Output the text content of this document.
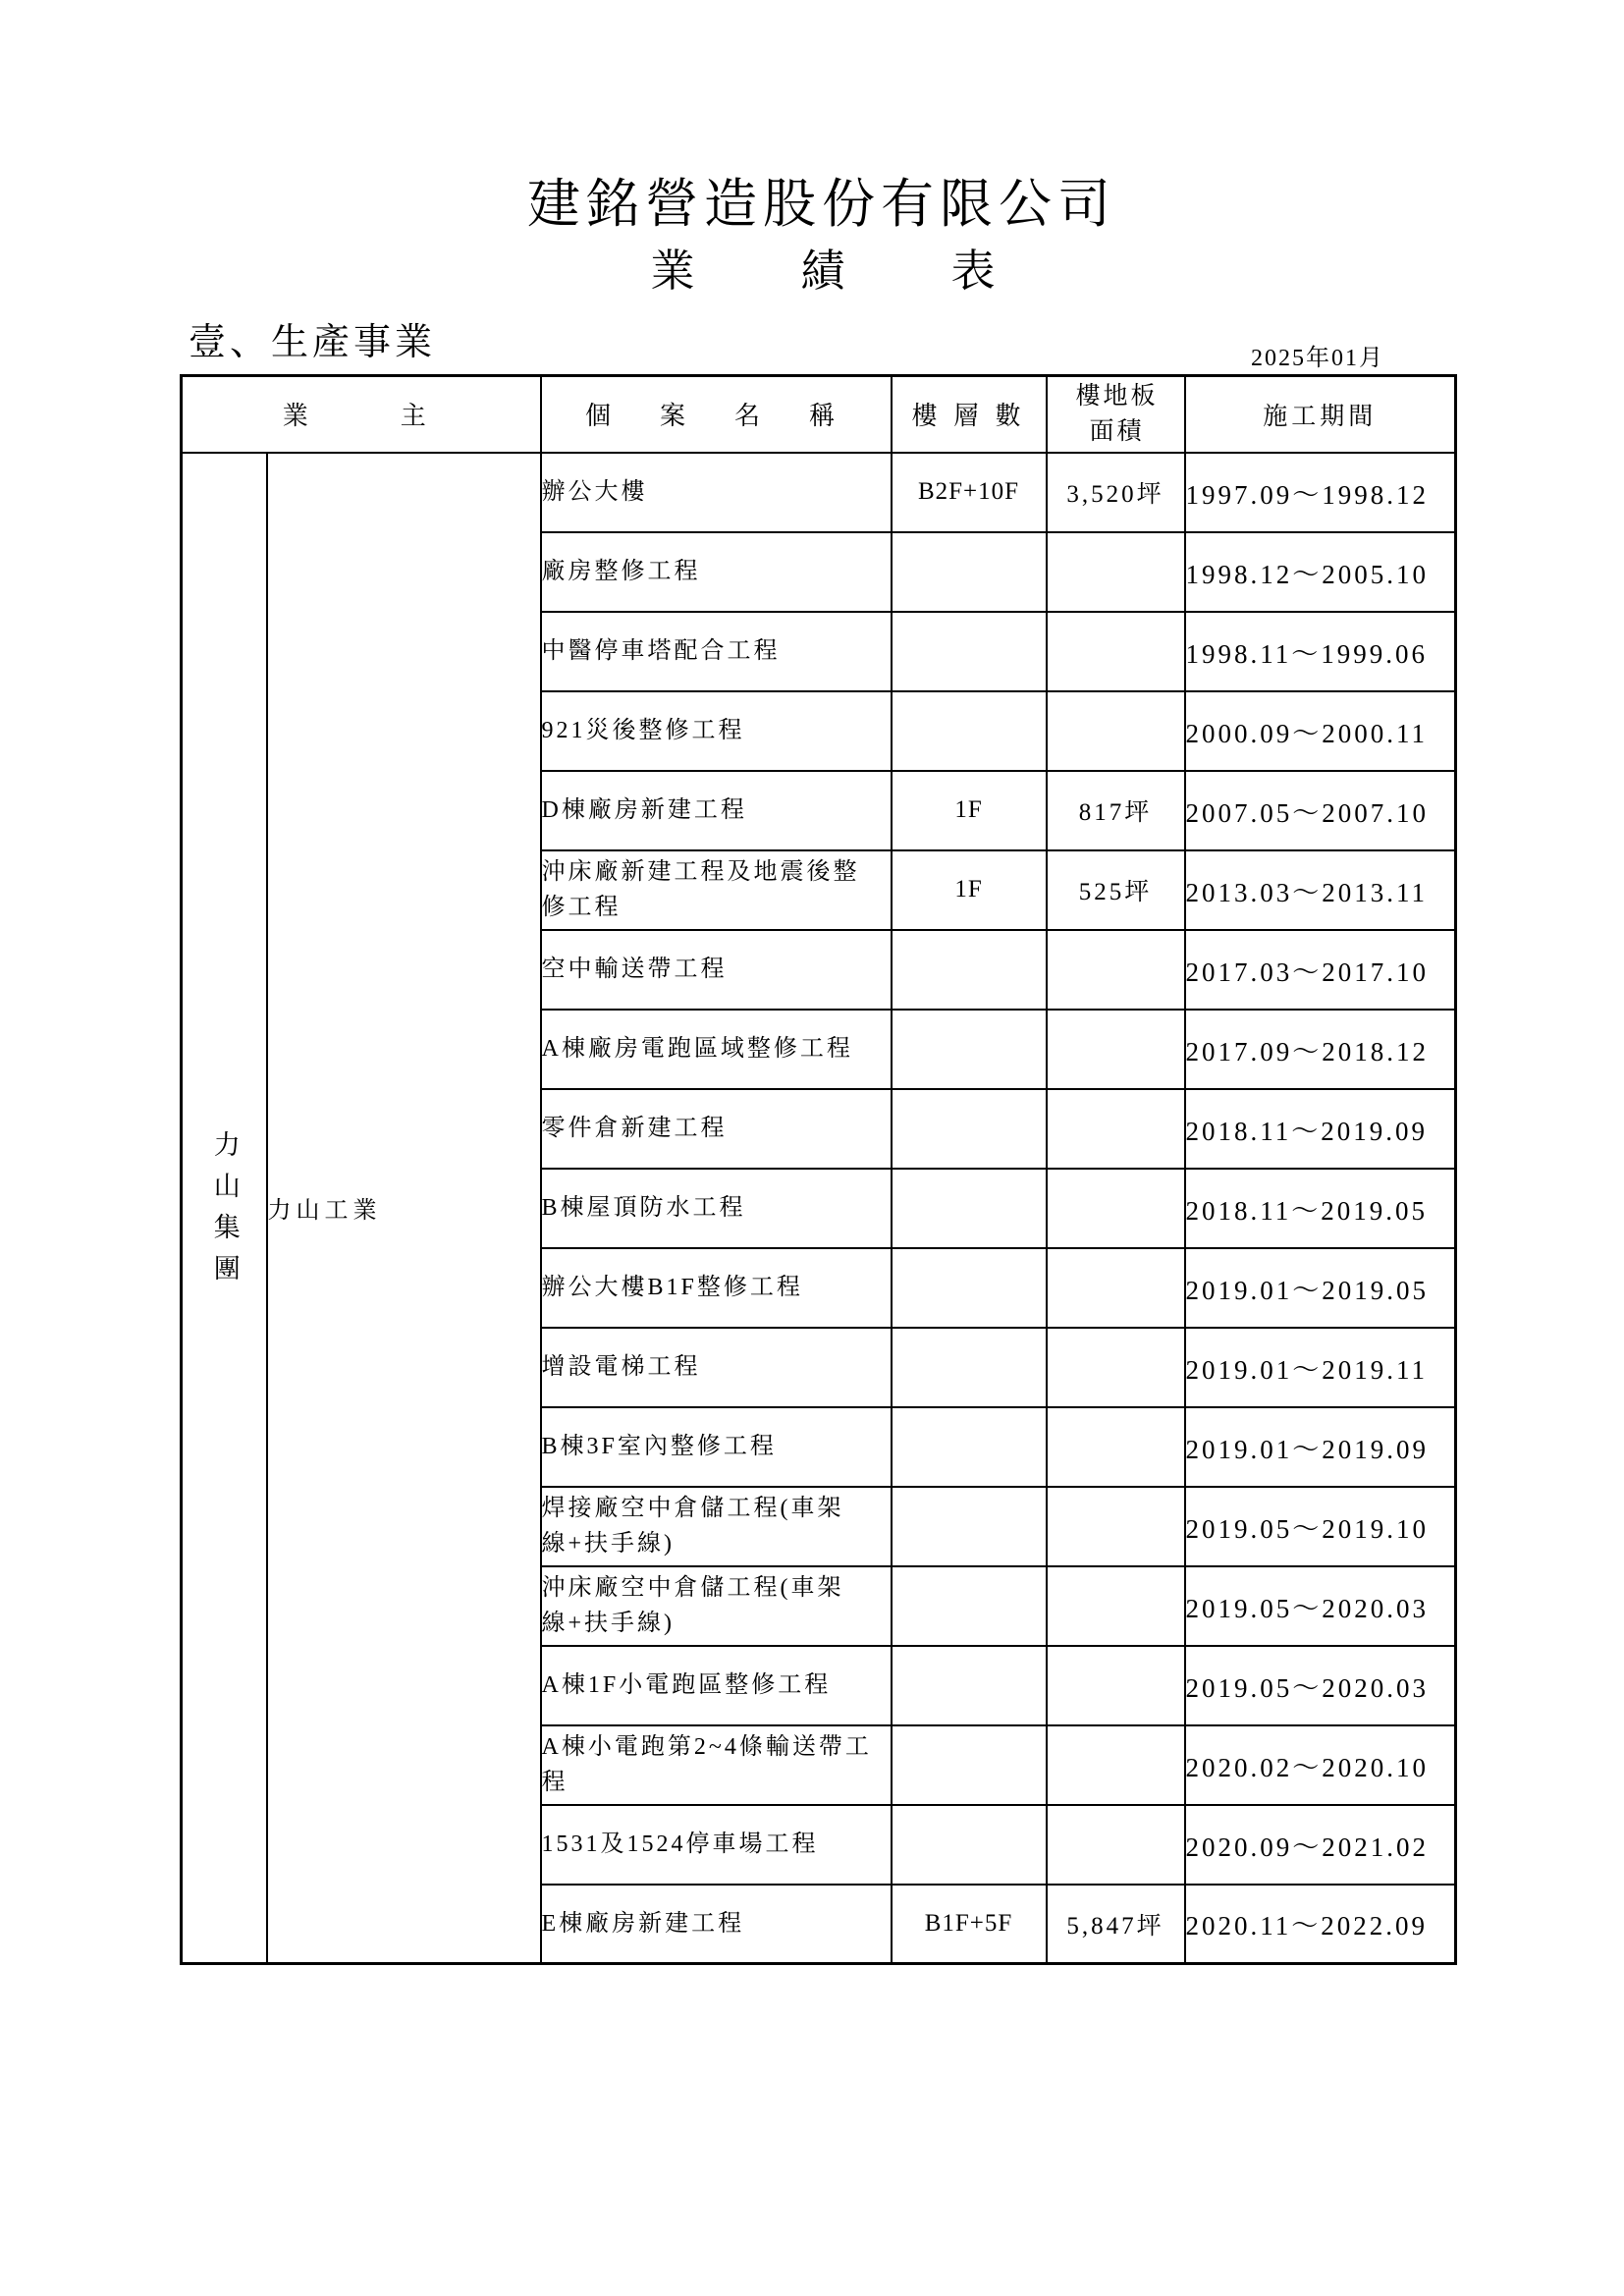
建銘營造股份有限公司
業　　績　　表
壹、生產事業	2025年01月
業　　主		個　案　名　稱	樓 層 數	樓地板
面積	施工期間
力山集團	力山工業	辦公大樓	B2F+10F	3,520坪	1997.09～1998.12
		廠房整修工程			1998.12～2005.10
		中醫停車塔配合工程			1998.11～1999.06
		921災後整修工程			2000.09～2000.11
		D棟廠房新建工程	1F	817坪	2007.05～2007.10
		沖床廠新建工程及地震後整
修工程	1F	525坪	2013.03～2013.11
		空中輸送帶工程			2017.03～2017.10
		A棟廠房電跑區域整修工程			2017.09～2018.12
		零件倉新建工程			2018.11～2019.09
		B棟屋頂防水工程			2018.11～2019.05
		辦公大樓B1F整修工程			2019.01～2019.05
		增設電梯工程			2019.01～2019.11
		B棟3F室內整修工程			2019.01～2019.09
		焊接廠空中倉儲工程(車架
線+扶手線)			2019.05～2019.10
		沖床廠空中倉儲工程(車架
線+扶手線)			2019.05～2020.03
		A棟1F小電跑區整修工程			2019.05～2020.03
		A棟小電跑第2~4條輸送帶工
程			2020.02～2020.10
		1531及1524停車場工程			2020.09～2021.02
		E棟廠房新建工程	B1F+5F	5,847坪	2020.11～2022.09
